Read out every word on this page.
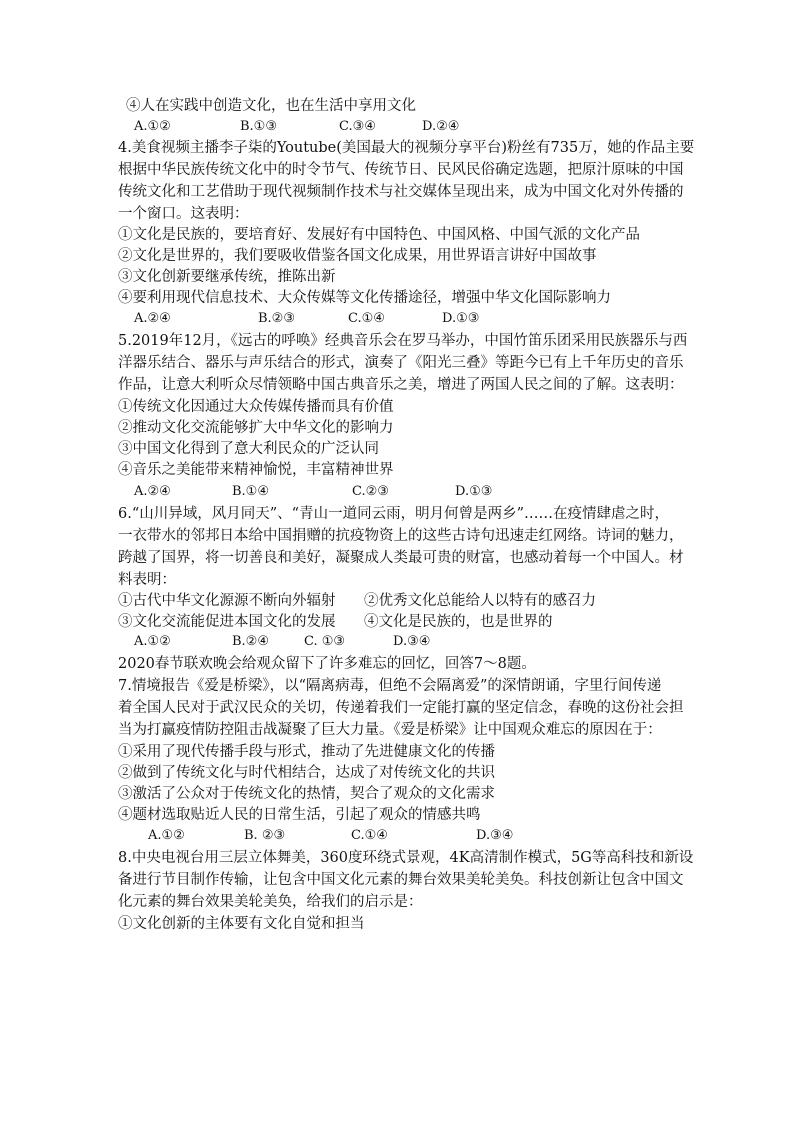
④人在实践中创造文化，也在生活中享用文化
A.①②	B.①③	C.③④	D.②④
4.美食视频主播李子柒的Youtube(美国最大的视频分享平台)粉丝有735万，她的作品主要
根据中华民族传统文化中的时令节气、传统节日、民风民俗确定选题，把原汁原味的中国
传统文化和工艺借助于现代视频制作技术与社交媒体呈现出来，成为中国文化对外传播的
一个窗口。这表明：
①文化是民族的，要培育好、发展好有中国特色、中国风格、中国气派的文化产品
②文化是世界的，我们要吸收借鉴各国文化成果，用世界语言讲好中国故事
③文化创新要继承传统，推陈出新
④要利用现代信息技术、大众传媒等文化传播途径，增强中华文化国际影响力
A.②④	B.②③	C.①④	D.①③
5.2019年12月，《远古的呼唤》经典音乐会在罗马举办，中国竹笛乐团采用民族器乐与西
洋器乐结合、器乐与声乐结合的形式，演奏了《阳光三叠》等距今已有上千年历史的音乐
作品，让意大利听众尽情领略中国古典音乐之美，增进了两国人民之间的了解。这表明：
①传统文化因通过大众传媒传播而具有价值
②推动文化交流能够扩大中华文化的影响力
③中国文化得到了意大利民众的广泛认同
④音乐之美能带来精神愉悦，丰富精神世界
A.②④	B.①④	C.②③	D.①③
6.“山川异域，风月同天”、“青山一道同云雨，明月何曾是两乡”……在疫情肆虐之时，
一衣带水的邻邦日本给中国捐赠的抗疫物资上的这些古诗句迅速走红网络。诗词的魅力，
跨越了国界，将一切善良和美好，凝聚成人类最可贵的财富，也感动着每一个中国人。材
料表明：
①古代中华文化源源不断向外辐射 ②优秀文化总能给人以特有的感召力
③文化交流能促进本国文化的发展 ④文化是民族的，也是世界的
A.①②	B.②④	C. ①③	D.③④
2020春节联欢晚会给观众留下了许多难忘的回忆，回答7～8题。
7.情境报告《爱是桥梁》，以“隔离病毒，但绝不会隔离爱”的深情朗诵，字里行间传递
着全国人民对于武汉民众的关切，传递着我们一定能打赢的坚定信念，春晚的这份社会担
当为打赢疫情防控阻击战凝聚了巨大力量。《爱是桥梁》让中国观众难忘的原因在于：
①采用了现代传播手段与形式，推动了先进健康文化的传播
②做到了传统文化与时代相结合，达成了对传统文化的共识
③激活了公众对于传统文化的热情，契合了观众的文化需求
④题材选取贴近人民的日常生活，引起了观众的情感共鸣
A.①②	B. ②③	C.①④	D.③④
8.中央电视台用三层立体舞美，360度环绕式景观，4K高清制作模式，5G等高科技和新设
备进行节目制作传输，让包含中国文化元素的舞台效果美轮美奂。科技创新让包含中国文
化元素的舞台效果美轮美奂，给我们的启示是：
①文化创新的主体要有文化自觉和担当
